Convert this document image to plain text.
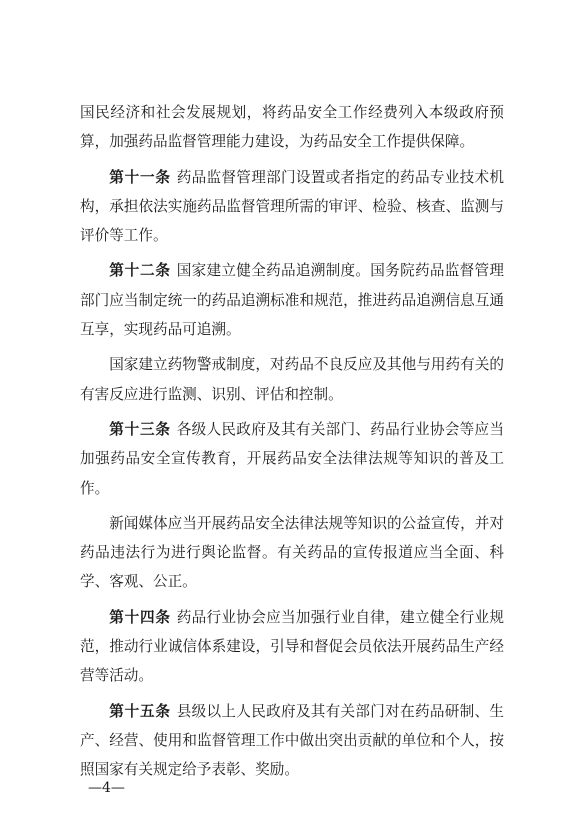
国民经济和社会发展规划，将药品安全工作经费列入本级政府预算，加强药品监督管理能力建设，为药品安全工作提供保障。

第十一条 药品监督管理部门设置或者指定的药品专业技术机构，承担依法实施药品监督管理所需的审评、检验、核查、监测与评价等工作。

第十二条 国家建立健全药品追溯制度。国务院药品监督管理部门应当制定统一的药品追溯标准和规范，推进药品追溯信息互通互享，实现药品可追溯。

国家建立药物警戒制度，对药品不良反应及其他与用药有关的有害反应进行监测、识别、评估和控制。

第十三条 各级人民政府及其有关部门、药品行业协会等应当加强药品安全宣传教育，开展药品安全法律法规等知识的普及工作。

新闻媒体应当开展药品安全法律法规等知识的公益宣传，并对药品违法行为进行舆论监督。有关药品的宣传报道应当全面、科学、客观、公正。

第十四条 药品行业协会应当加强行业自律，建立健全行业规范，推动行业诚信体系建设，引导和督促会员依法开展药品生产经营等活动。

第十五条 县级以上人民政府及其有关部门对在药品研制、生产、经营、使用和监督管理工作中做出突出贡献的单位和个人，按照国家有关规定给予表彰、奖励。

—4—
